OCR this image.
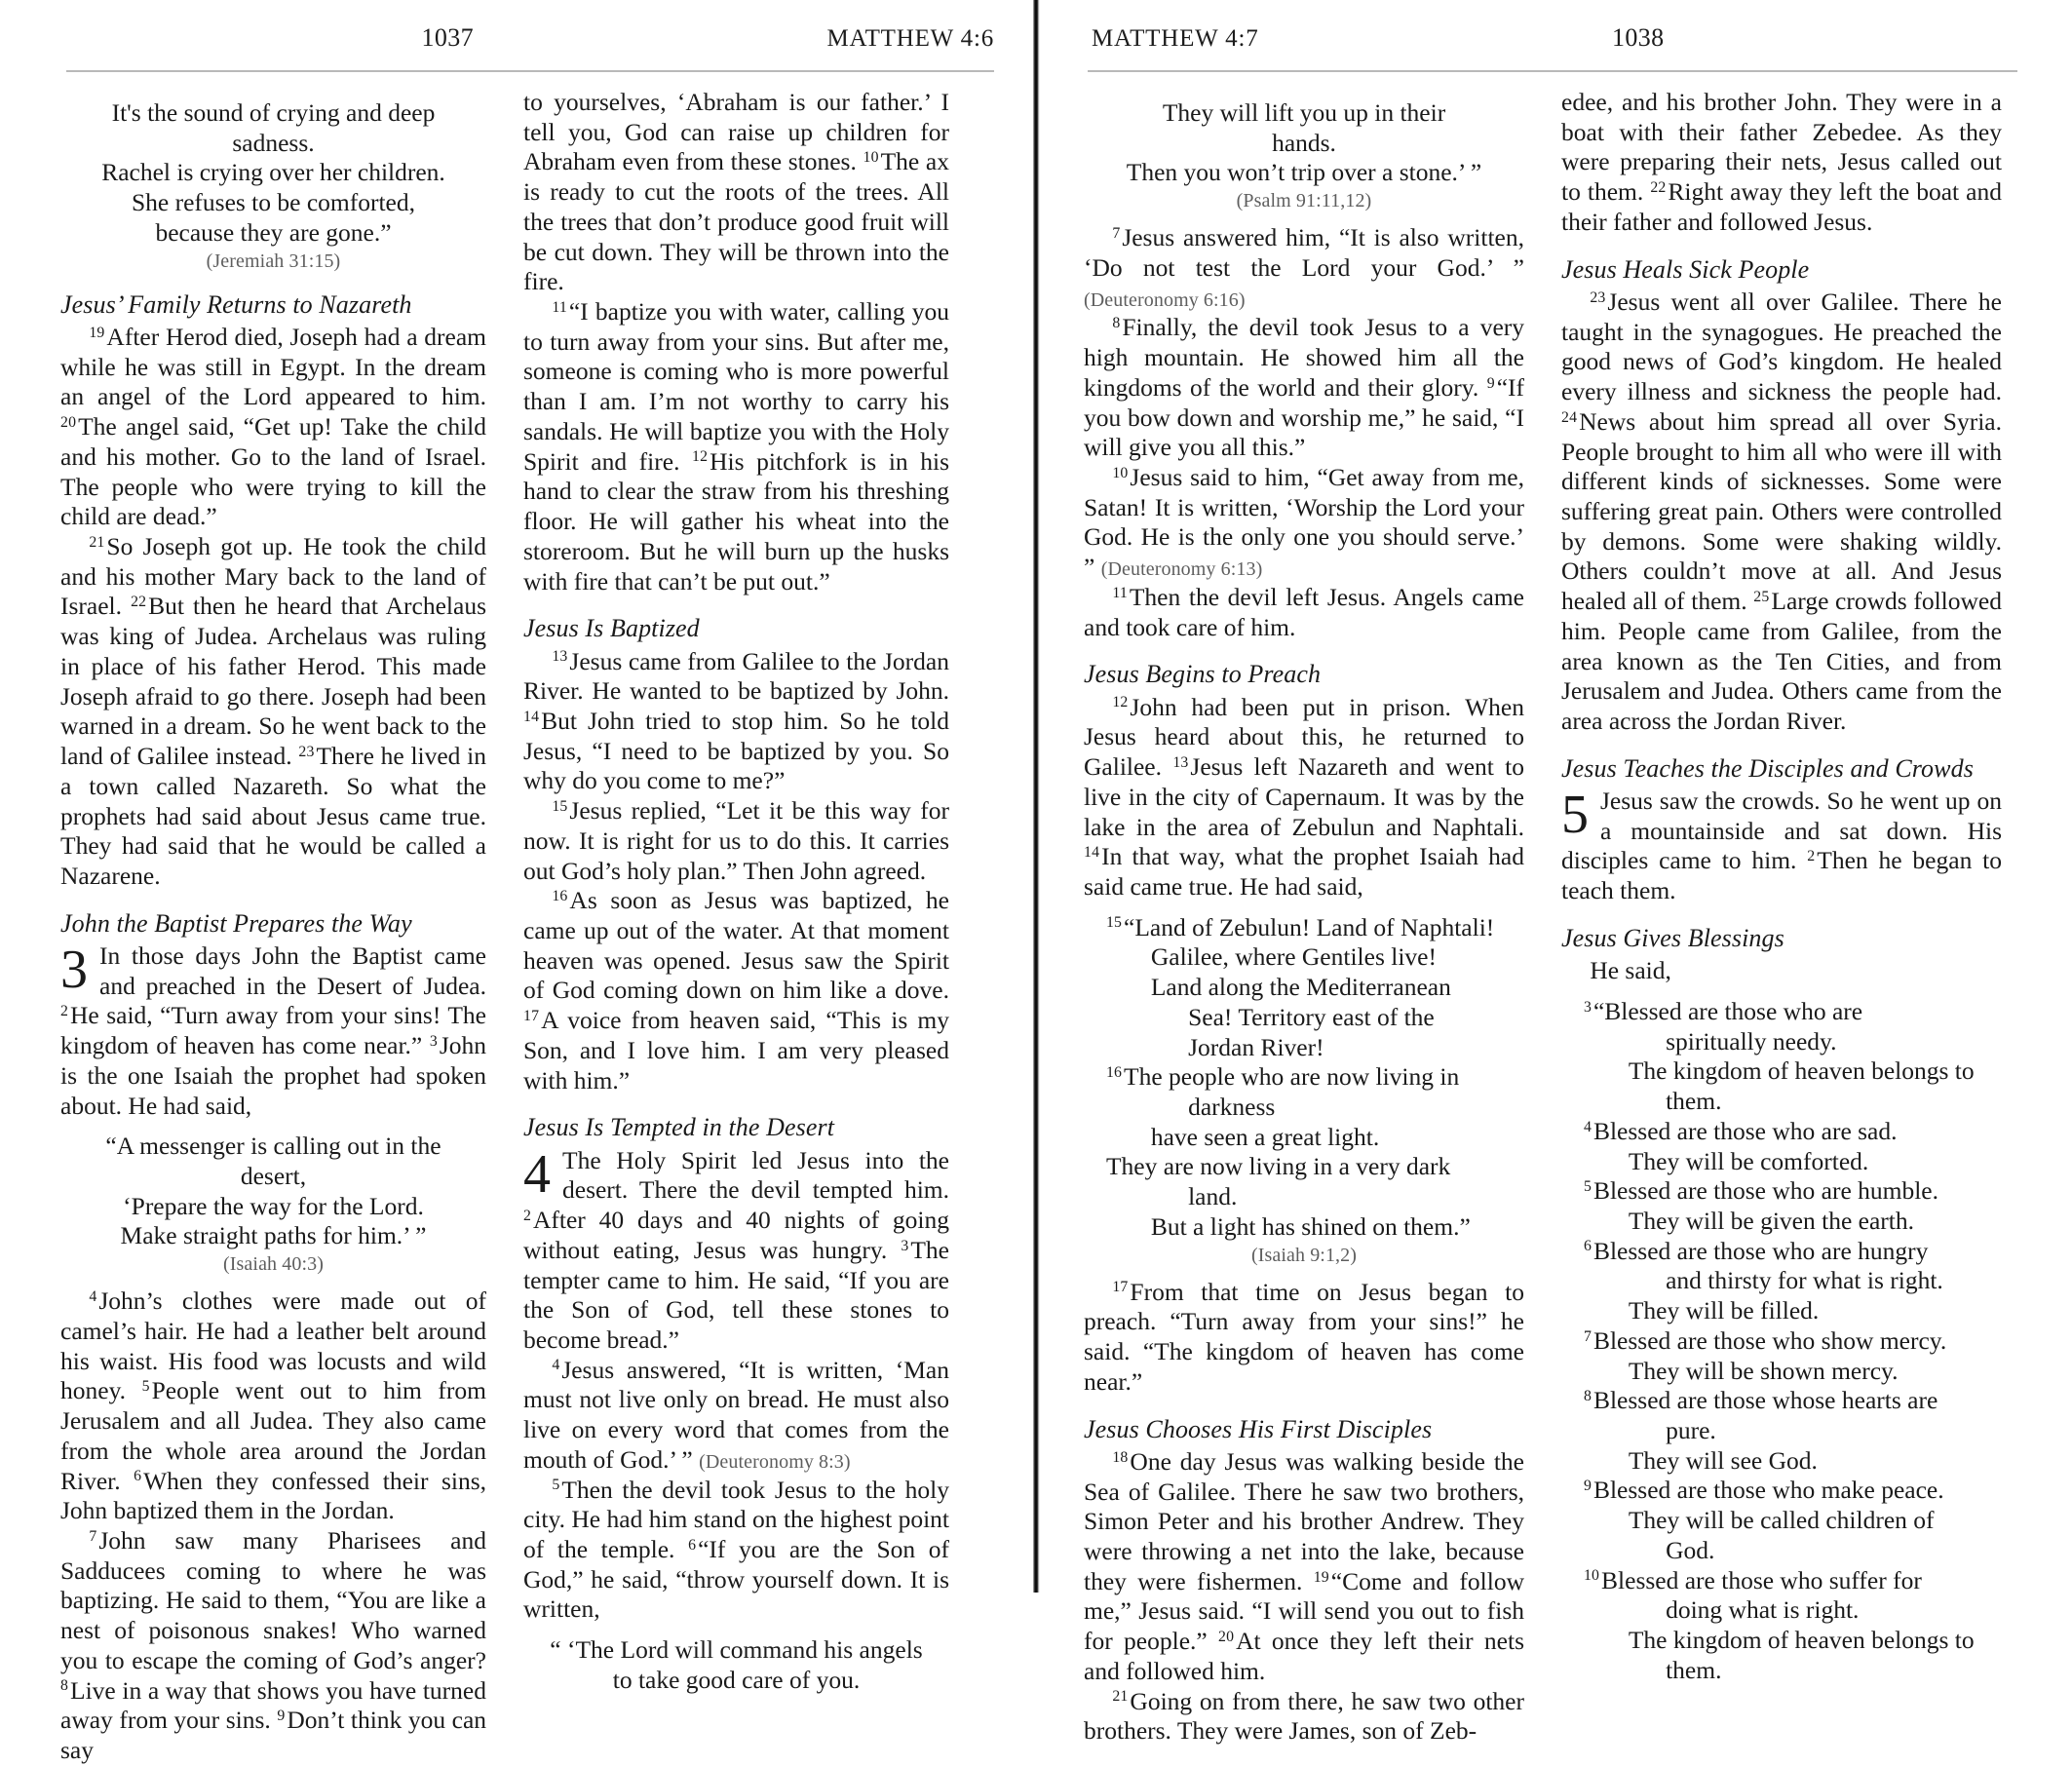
1037	MATTHEW 4:6
It's the sound of crying and deep
sadness.
Rachel is crying over her children.
She refuses to be comforted,
because they are gone.”
(Jeremiah 31:15)
Jesus’ Family Returns to Nazareth

$^{19}$After Herod died, Joseph had a dream while he was still in Egypt. In the dream an angel of the Lord appeared to him. $^{20}$The angel said, “Get up! Take the child and his mother. Go to the land of Israel. The people who were trying to kill the child are dead.”

$^{21}$So Joseph got up. He took the child and his mother Mary back to the land of Israel. $^{22}$But then he heard that Archelaus was king of Judea. Archelaus was ruling in place of his father Herod. This made Joseph afraid to go there. Joseph had been warned in a dream. So he went back to the land of Galilee instead. $^{23}$There he lived in a town called Nazareth. So what the prophets had said about Jesus came true. They had said that he would be called a Nazarene.

John the Baptist Prepares the Way

3 In those days John the Baptist came and preached in the Desert of Judea. $^2$He said, “Turn away from your sins! The kingdom of heaven has come near.” $^3$John is the one Isaiah the prophet had spoken about. He had said,

“A messenger is calling out in the
desert,
‘Prepare the way for the Lord.
Make straight paths for him.’ ”
(Isaiah 40:3)

$^4$John’s clothes were made out of camel’s hair. He had a leather belt around his waist. His food was locusts and wild honey. $^5$People went out to him from Jerusalem and all Judea. They also came from the whole area around the Jordan River. $^6$When they confessed their sins, John baptized them in the Jordan.

$^7$John saw many Pharisees and Sadducees coming to where he was baptizing. He said to them, “You are like a nest of poisonous snakes! Who warned you to escape the coming of God’s anger? $^8$Live in a way that shows you have turned away from your sins. $^9$Don’t think you can say

to yourselves, ‘Abraham is our father.’ I tell you, God can raise up children for Abraham even from these stones. $^{10}$The ax is ready to cut the roots of the trees. All the trees that don’t produce good fruit will be cut down. They will be thrown into the fire.

$^{11}$“I baptize you with water, calling you to turn away from your sins. But after me, someone is coming who is more powerful than I am. I’m not worthy to carry his sandals. He will baptize you with the Holy Spirit and fire. $^{12}$His pitchfork is in his hand to clear the straw from his threshing floor. He will gather his wheat into the storeroom. But he will burn up the husks with fire that can’t be put out.”

Jesus Is Baptized

$^{13}$Jesus came from Galilee to the Jordan River. He wanted to be baptized by John. $^{14}$But John tried to stop him. So he told Jesus, “I need to be baptized by you. So why do you come to me?”

$^{15}$Jesus replied, “Let it be this way for now. It is right for us to do this. It carries out God’s holy plan.” Then John agreed.

$^{16}$As soon as Jesus was baptized, he came up out of the water. At that moment heaven was opened. Jesus saw the Spirit of God coming down on him like a dove. $^{17}$A voice from heaven said, “This is my Son, and I love him. I am very pleased with him.”

Jesus Is Tempted in the Desert

4 The Holy Spirit led Jesus into the desert. There the devil tempted him. $^2$After 40 days and 40 nights of going without eating, Jesus was hungry. $^3$The tempter came to him. He said, “If you are the Son of God, tell these stones to become bread.”

$^4$Jesus answered, “It is written, ‘Man must not live only on bread. He must also live on every word that comes from the mouth of God.’ ” (Deuteronomy 8:3)

$^5$Then the devil took Jesus to the holy city. He had him stand on the highest point of the temple. $^6$“If you are the Son of God,” he said, “throw yourself down. It is written,

“ ‘The Lord will command his angels
to take good care of you.
MATTHEW 4:7	1038
They will lift you up in their
hands.
Then you won’t trip over a stone.’ ”
(Psalm 91:11,12)

$^7$Jesus answered him, “It is also written, ‘Do not test the Lord your God.’ ” (Deuteronomy 6:16)

$^8$Finally, the devil took Jesus to a very high mountain. He showed him all the kingdoms of the world and their glory. $^9$“If you bow down and worship me,” he said, “I will give you all this.”

$^{10}$Jesus said to him, “Get away from me, Satan! It is written, ‘Worship the Lord your God. He is the only one you should serve.’ ” (Deuteronomy 6:13)

$^{11}$Then the devil left Jesus. Angels came and took care of him.

Jesus Begins to Preach

$^{12}$John had been put in prison. When Jesus heard about this, he returned to Galilee. $^{13}$Jesus left Nazareth and went to live in the city of Capernaum. It was by the lake in the area of Zebulun and Naphtali. $^{14}$In that way, what the prophet Isaiah had said came true. He had said,

$^{15}$“Land of Zebulun! Land of Naphtali!
Galilee, where Gentiles live!
Land along the Mediterranean
Sea! Territory east of the
Jordan River!
$^{16}$The people who are now living in
darkness
have seen a great light.
They are now living in a very dark
land.
But a light has shined on them.”
(Isaiah 9:1,2)

$^{17}$From that time on Jesus began to preach. “Turn away from your sins!” he said. “The kingdom of heaven has come near.”

Jesus Chooses His First Disciples

$^{18}$One day Jesus was walking beside the Sea of Galilee. There he saw two brothers, Simon Peter and his brother Andrew. They were throwing a net into the lake, because they were fishermen. $^{19}$“Come and follow me,” Jesus said. “I will send you out to fish for people.” $^{20}$At once they left their nets and followed him.

$^{21}$Going on from there, he saw two other brothers. They were James, son of Zeb-

edee, and his brother John. They were in a boat with their father Zebedee. As they were preparing their nets, Jesus called out to them. $^{22}$Right away they left the boat and their father and followed Jesus.

Jesus Heals Sick People

$^{23}$Jesus went all over Galilee. There he taught in the synagogues. He preached the good news of God’s kingdom. He healed every illness and sickness the people had. $^{24}$News about him spread all over Syria. People brought to him all who were ill with different kinds of sicknesses. Some were suffering great pain. Others were controlled by demons. Some were shaking wildly. Others couldn’t move at all. And Jesus healed all of them. $^{25}$Large crowds followed him. People came from Galilee, from the area known as the Ten Cities, and from Jerusalem and Judea. Others came from the area across the Jordan River.

Jesus Teaches the Disciples and Crowds

5 Jesus saw the crowds. So he went up on a mountainside and sat down. His disciples came to him. $^2$Then he began to teach them.

Jesus Gives Blessings

He said,

$^3$“Blessed are those who are
spiritually needy.
The kingdom of heaven belongs to
them.
$^4$Blessed are those who are sad.
They will be comforted.
$^5$Blessed are those who are humble.
They will be given the earth.
$^6$Blessed are those who are hungry
and thirsty for what is right.
They will be filled.
$^7$Blessed are those who show mercy.
They will be shown mercy.
$^8$Blessed are those whose hearts are
pure.
They will see God.
$^9$Blessed are those who make peace.
They will be called children of
God.
$^{10}$Blessed are those who suffer for
doing what is right.
The kingdom of heaven belongs to
them.
